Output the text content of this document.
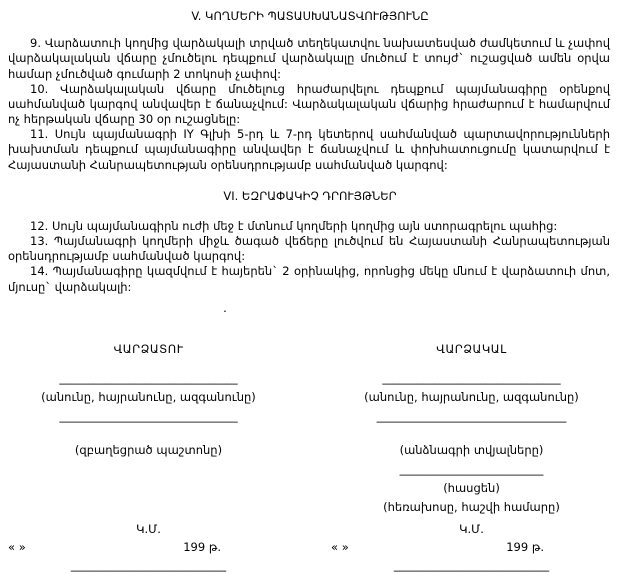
V. ԿՈՂՄԵՐԻ ՊԱՏԱՍԽԱՆԱՏՎՈՒԹՅՈՒՆԸ

9. Վարձատուի կողմից վարձակալի տրված տեղեկատվու նախատեսված ժամկետում և չափով վարձակալական վճարը չմուծելու դեպքում վարձակալը մուծում է տույժ` ուշացված ամեն օրվա համար չմուծված գումարի 2 տոկոսի չափով:

10. Վարձակալական վճարը մուծելուց հրաժարվելու դեպքում պայմանագիրը օրենքով սահմանված կարգով անվավեր է ճանաչվում: Վարձակալական վճարից հրաժարում է համարվում ոչ հերթական վճարը 30 օր ուշացնելը:

11. Սույն պայմանագրի IY Գլխի 5-րդ և 7-րդ կետերով սահմանված պարտավորությունների խախտման դեպքում պայմանագիրը անվավեր է ճանաչվում և փոխհատուցումը կատարվում է Հայաստանի Հանրապետության օրենսդրությամբ սահմանված կարգով:

VI. ԵԶՐԱՓԱԿԻՉ ԴՐՈՒՅԹՆԵՐ

12. Սույն պայմանագիրն ուժի մեջ է մտնում կողմերի կողմից այն ստորագրելու պահից:

13. Պայմանագրի կողմերի միջև ծագած վեճերը լուծվում են Հայաստանի Հանրապետության օրենսդրությամբ սահմանված կարգով:

14. Պայմանագիրը կազմվում է հայերեն` 2 օրինակից, որոնցից մեկը մնում է վարձատուի մոտ, մյուսը` վարձակալի:

.
ՎԱՐՁԱՏՈՒ
_______________________________
(անունը, հայրանունը, ազգանունը)
_______________________________
(զբաղեցրած պաշտոնը)
ՎԱՐՁԱԿԱԼ
_______________________________
(անունը, հայրանունը, ազգանունը)
_________________________________
(անձնագրի տվյալները)
_________________________
(հասցեն)
(հեռախոսը, հաշվի համարը)
Կ.Մ.	Կ.Մ.
« »	199 թ.	« »	199 թ.
___________________________	___________________________
